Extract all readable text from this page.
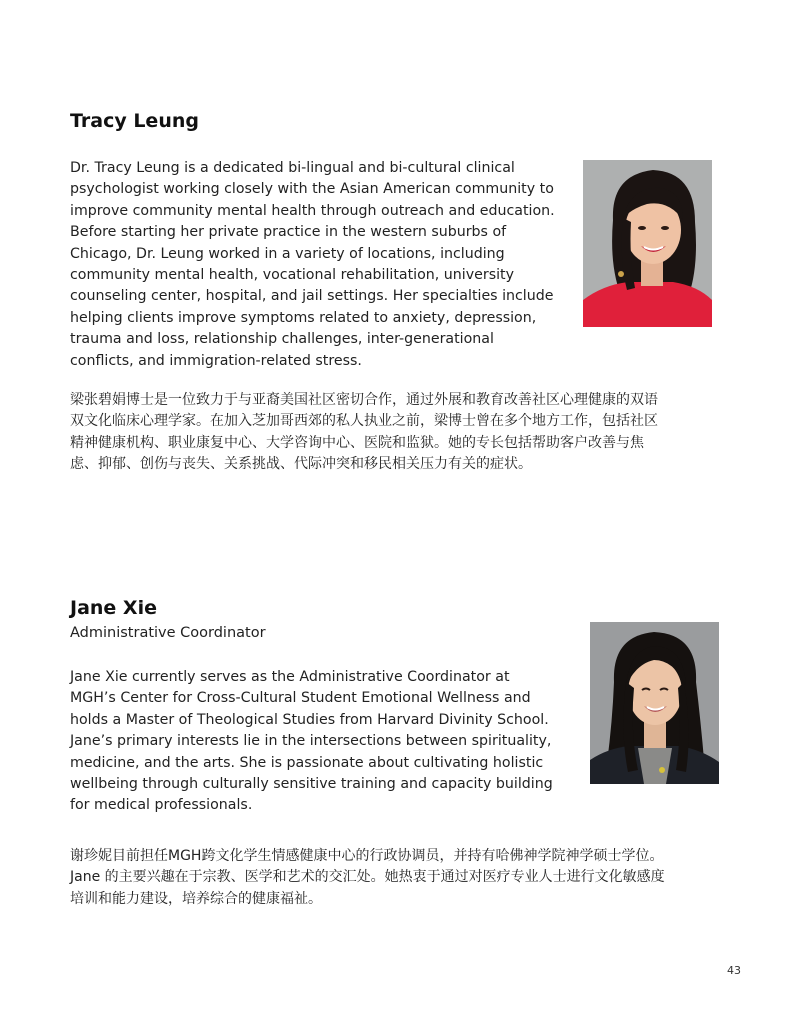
Tracy Leung
Dr. Tracy Leung is a dedicated bi-lingual and bi-cultural clinical
psychologist working closely with the Asian American community to
improve community mental health through outreach and education.
Before starting her private practice in the western suburbs of
Chicago, Dr. Leung worked in a variety of locations, including
community mental health, vocational rehabilitation, university
counseling center, hospital, and jail settings. Her specialties include
helping clients improve symptoms related to anxiety, depression,
trauma and loss, relationship challenges, inter-generational
conflicts, and immigration-related stress.
梁张碧娟博士是一位致力于与亚裔美国社区密切合作，通过外展和教育改善社区心理健康的双语
双文化临床心理学家。在加入芝加哥西郊的私人执业之前，梁博士曾在多个地方工作，包括社区
精神健康机构、职业康复中心、大学咨询中心、医院和监狱。她的专长包括帮助客户改善与焦
虑、抑郁、创伤与丧失、关系挑战、代际冲突和移民相关压力有关的症状。
Jane Xie

Administrative Coordinator

Jane Xie currently serves as the Administrative Coordinator at
MGH’s Center for Cross-Cultural Student Emotional Wellness and
holds a Master of Theological Studies from Harvard Divinity School.
Jane’s primary interests lie in the intersections between spirituality,
medicine, and the arts. She is passionate about cultivating holistic
wellbeing through culturally sensitive training and capacity building
for medical professionals.
谢珍妮目前担任MGH跨文化学生情感健康中心的行政协调员，并持有哈佛神学院神学硕士学位。
Jane 的主要兴趣在于宗教、医学和艺术的交汇处。她热衷于通过对医疗专业人士进行文化敏感度
培训和能力建设，培养综合的健康福祉。
43
